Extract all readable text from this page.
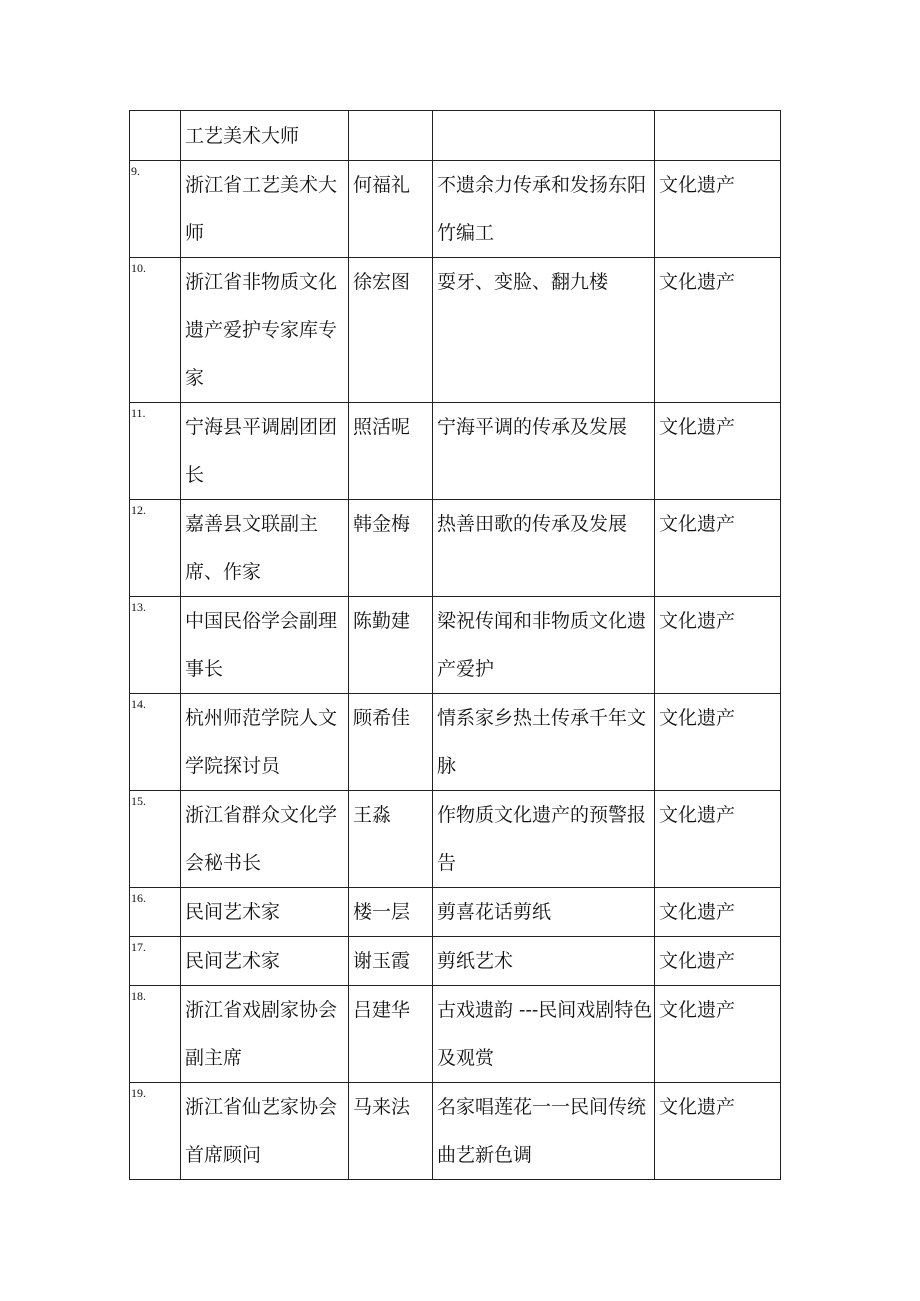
	工艺美术大师			
9.	浙江省工艺美术大师	何福礼	不遗余力传承和发扬东阳竹编工	文化遗产
10.	浙江省非物质文化遗产爱护专家库专家	徐宏图	耍牙、变脸、翻九楼	文化遗产
11.	宁海县平调剧团团长	照活呢	宁海平调的传承及发展	文化遗产
12.	嘉善县文联副主席、作家	韩金梅	热善田歌的传承及发展	文化遗产
13.	中国民俗学会副理事长	陈勤建	梁祝传闻和非物质文化遗产爱护	文化遗产
14.	杭州师范学院人文学院探讨员	顾希佳	情系家乡热土传承千年文脉	文化遗产
15.	浙江省群众文化学会秘书长	王淼	作物质文化遗产的预警报告	文化遗产
16.	民间艺术家	楼一层	剪喜花话剪纸	文化遗产
17.	民间艺术家	谢玉霞	剪纸艺术	文化遗产
18.	浙江省戏剧家协会副主席	吕建华	古戏遗韵 ---民间戏剧特色及观赏	文化遗产
19.	浙江省仙艺家协会首席顾问	马来法	名家唱莲花一一民间传统曲艺新色调	文化遗产
